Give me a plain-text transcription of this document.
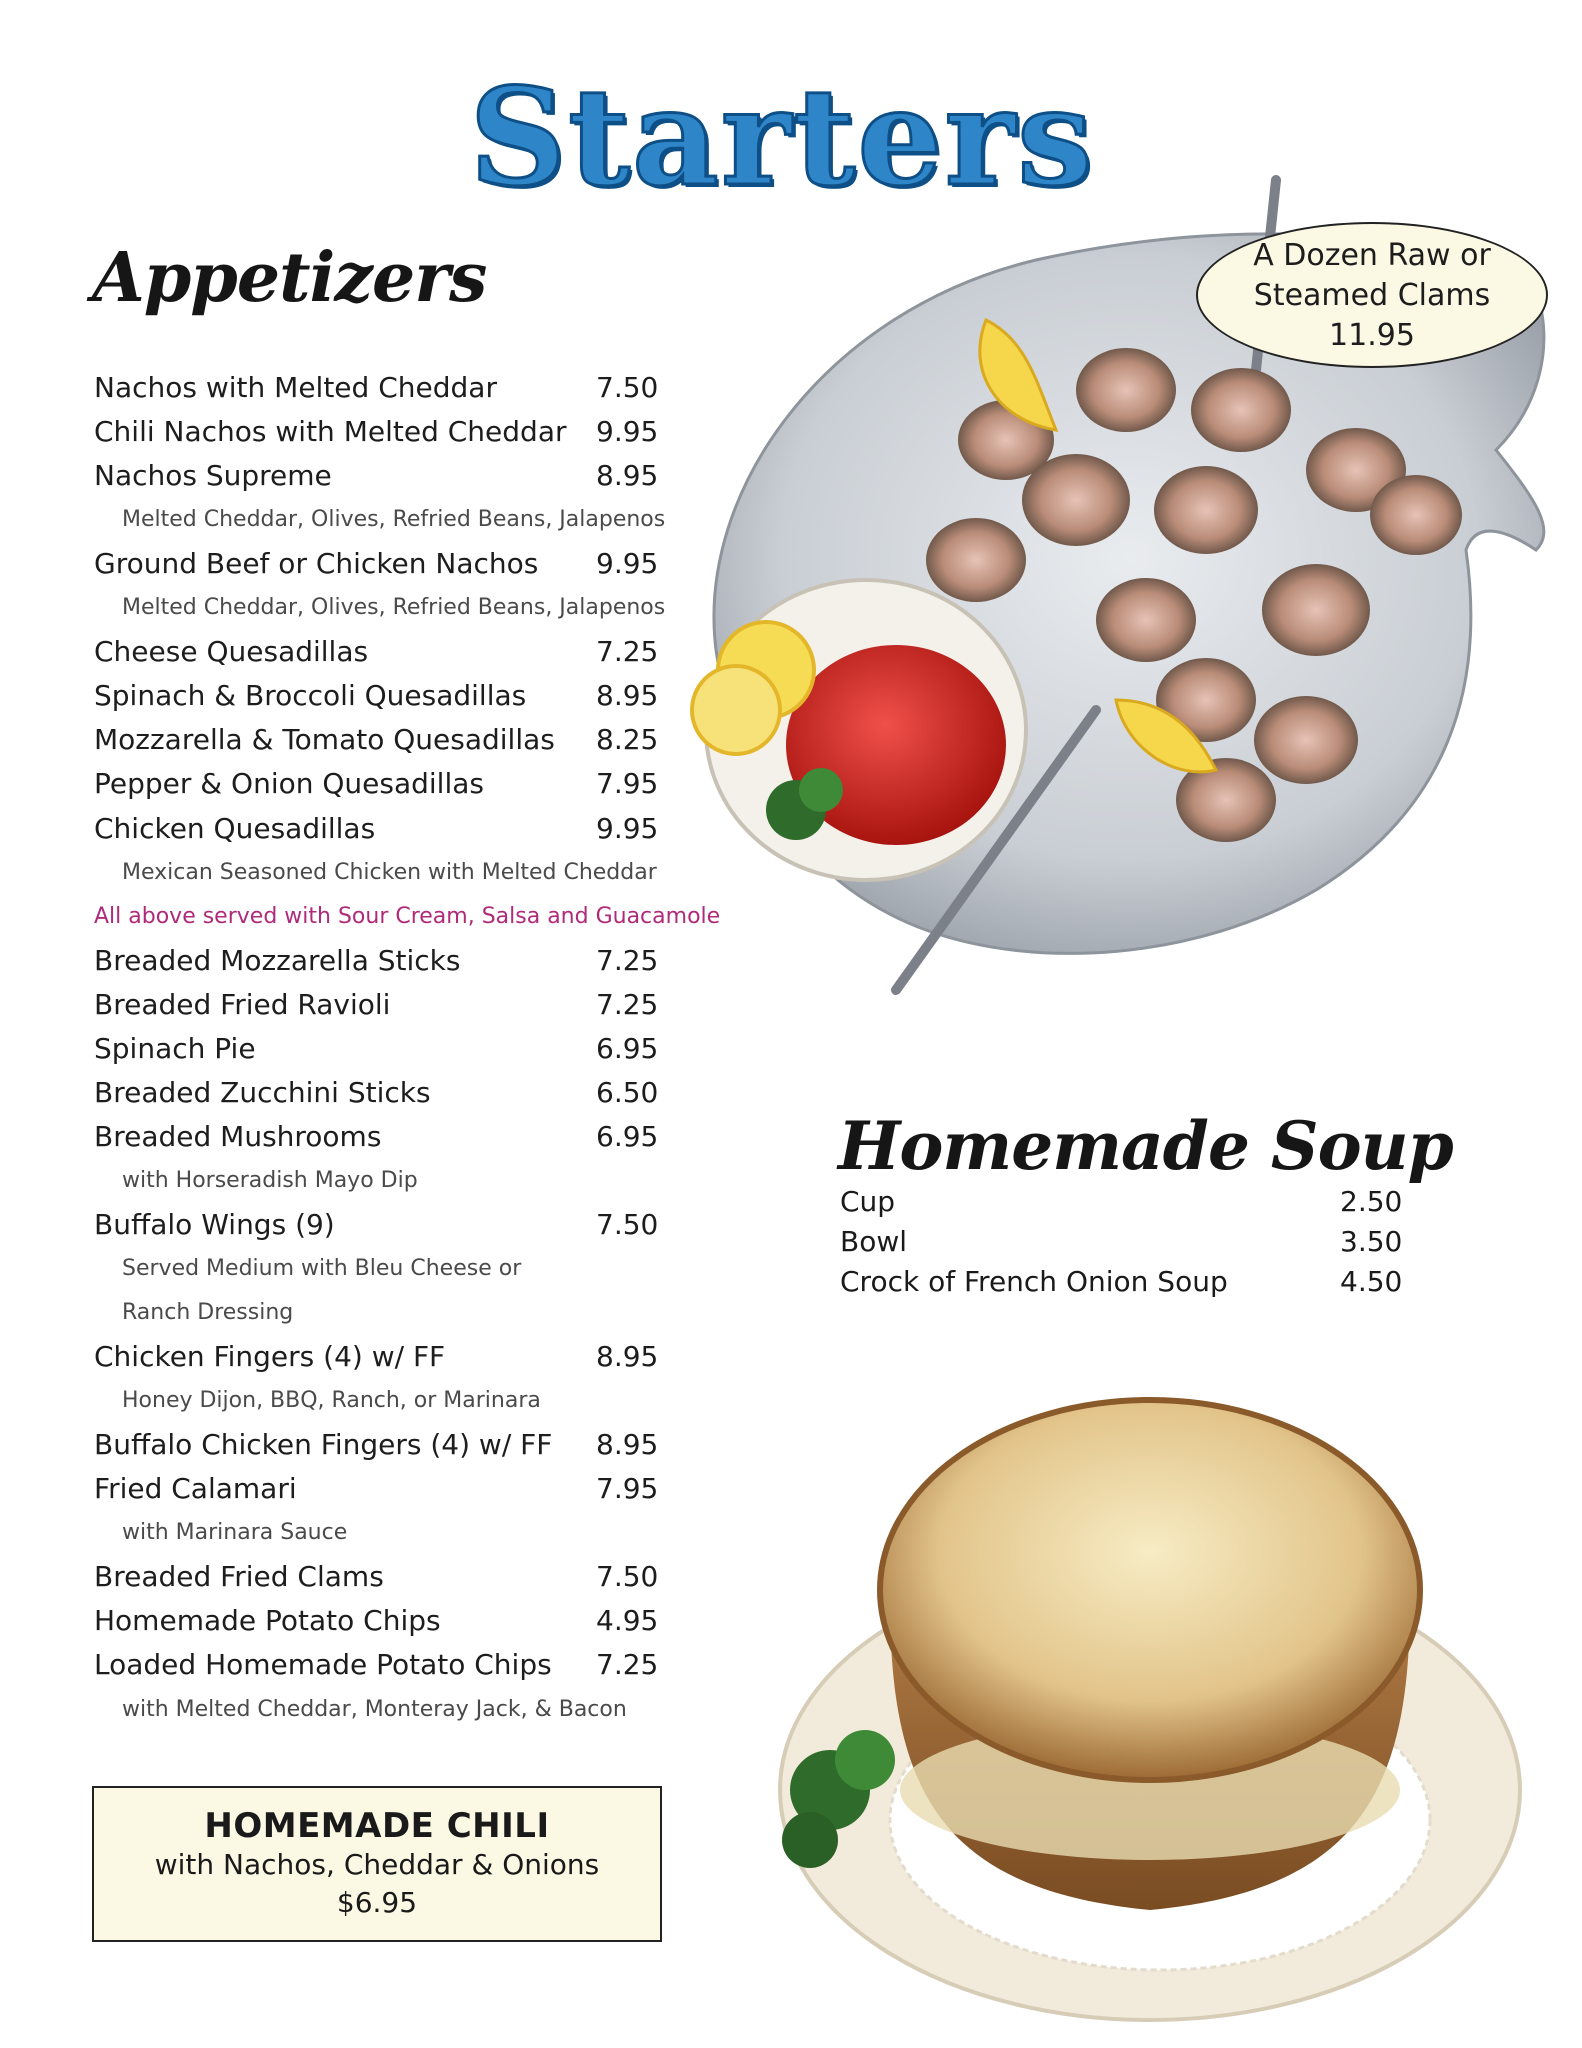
Starters
Appetizers
Nachos with Melted Cheddar	7.50
Chili Nachos with Melted Cheddar 9.95
Nachos Supreme	8.95
Melted Cheddar, Olives, Refried Beans, Jalapenos
Ground Beef or Chicken Nachos 9.95
Melted Cheddar, Olives, Refried Beans, Jalapenos
Cheese Quesadillas	7.25
Spinach & Broccoli Quesadillas 8.95
Mozzarella & Tomato Quesadillas 8.25
Pepper & Onion Quesadillas	7.95
Chicken Quesadillas	9.95
Mexican Seasoned Chicken with Melted Cheddar
All above served with Sour Cream, Salsa and Guacamole
Breaded Mozzarella Sticks	7.25
Breaded Fried Ravioli	7.25
Spinach Pie	6.95
Breaded Zucchini Sticks	6.50
Breaded Mushrooms	6.95
with Horseradish Mayo Dip
Buffalo Wings (9)	7.50
Served Medium with Bleu Cheese or
Ranch Dressing
Chicken Fingers (4) w/ FF	8.95
Honey Dijon, BBQ, Ranch, or Marinara
Buffalo Chicken Fingers (4) w/ FF 8.95
Fried Calamari	7.95
with Marinara Sauce
Breaded Fried Clams	7.50
Homemade Potato Chips	4.95
Loaded Homemade Potato Chips 7.25
with Melted Cheddar, Monteray Jack, & Bacon
HOMEMADE CHILI
with Nachos, Cheddar & Onions
$6.95
A Dozen Raw or
Steamed Clams
11.95
Homemade Soup
Cup	2.50
Bowl	3.50
Crock of French Onion Soup	4.50
